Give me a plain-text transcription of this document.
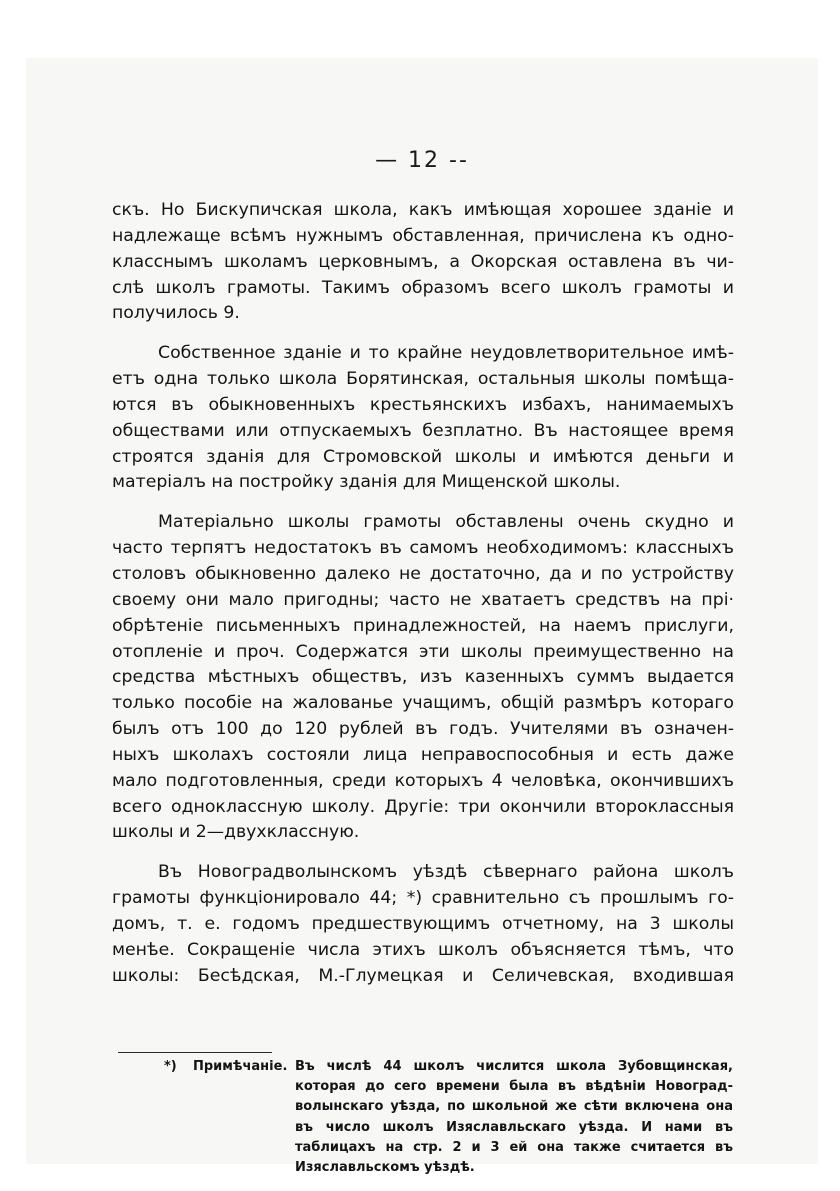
— 12 --
скъ. Но Бискупичская школа, какъ имѣющая хорошее зданіе и
надлежаще всѣмъ нужнымъ обставленная, причислена къ одно-
класснымъ школамъ церковнымъ, а Окорская оставлена въ чи-
слѣ школъ грамоты. Такимъ образомъ всего школъ грамоты и
получилось 9.
Собственное зданіе и то крайне неудовлетворительное имѣ-
етъ одна только школа Борятинская, остальныя школы помѣща-
ются въ обыкновенныхъ крестьянскихъ избахъ, нанимаемыхъ
обществами или отпускаемыхъ безплатно. Въ настоящее время
строятся зданія для Стромовской школы и имѣются деньги и
матеріалъ на постройку зданія для Мищенской школы.
Матеріально школы грамоты обставлены очень скудно и
часто терпятъ недостатокъ въ самомъ необходимомъ: классныхъ
столовъ обыкновенно далеко не достаточно, да и по устройству
своему они мало пригодны; часто не хватаетъ средствъ на прі·
обрѣтеніе письменныхъ принадлежностей, на наемъ прислуги,
отопленіе и проч. Содержатся эти школы преимущественно на
средства мѣстныхъ обществъ, изъ казенныхъ суммъ выдается
только пособіе на жалованье учащимъ, общій размѣръ котораго
былъ отъ 100 до 120 рублей въ годъ. Учителями въ означен-
ныхъ школахъ состояли лица неправоспособныя и есть даже
мало подготовленныя, среди которыхъ 4 человѣка, окончившихъ
всего одноклассную школу. Другіе: три окончили второклассныя
школы и 2—двухклассную.
Въ Новоградволынскомъ уѣздѣ сѣвернаго района школъ
грамоты функціонировало 44; *) сравнительно съ прошлымъ го-
домъ, т. е. годомъ предшествующимъ отчетному, на 3 школы
менѣе. Сокращеніе числа этихъ школъ объясняется тѣмъ, что
школы: Бесѣдская, М.-Глумецкая и Селичевская, входившая
*) Примѣчаніе. Въ числѣ 44 школъ числится школа Зубовщинская,
которая до сего времени была въ вѣдѣніи Новоград-
волынскаго уѣзда, по школьной же сѣти включена она
въ число школъ Изяславльскаго уѣзда. И нами въ
таблицахъ на стр. 2 и 3 ей она также считается въ
Изяславльскомъ уѣздѣ.
